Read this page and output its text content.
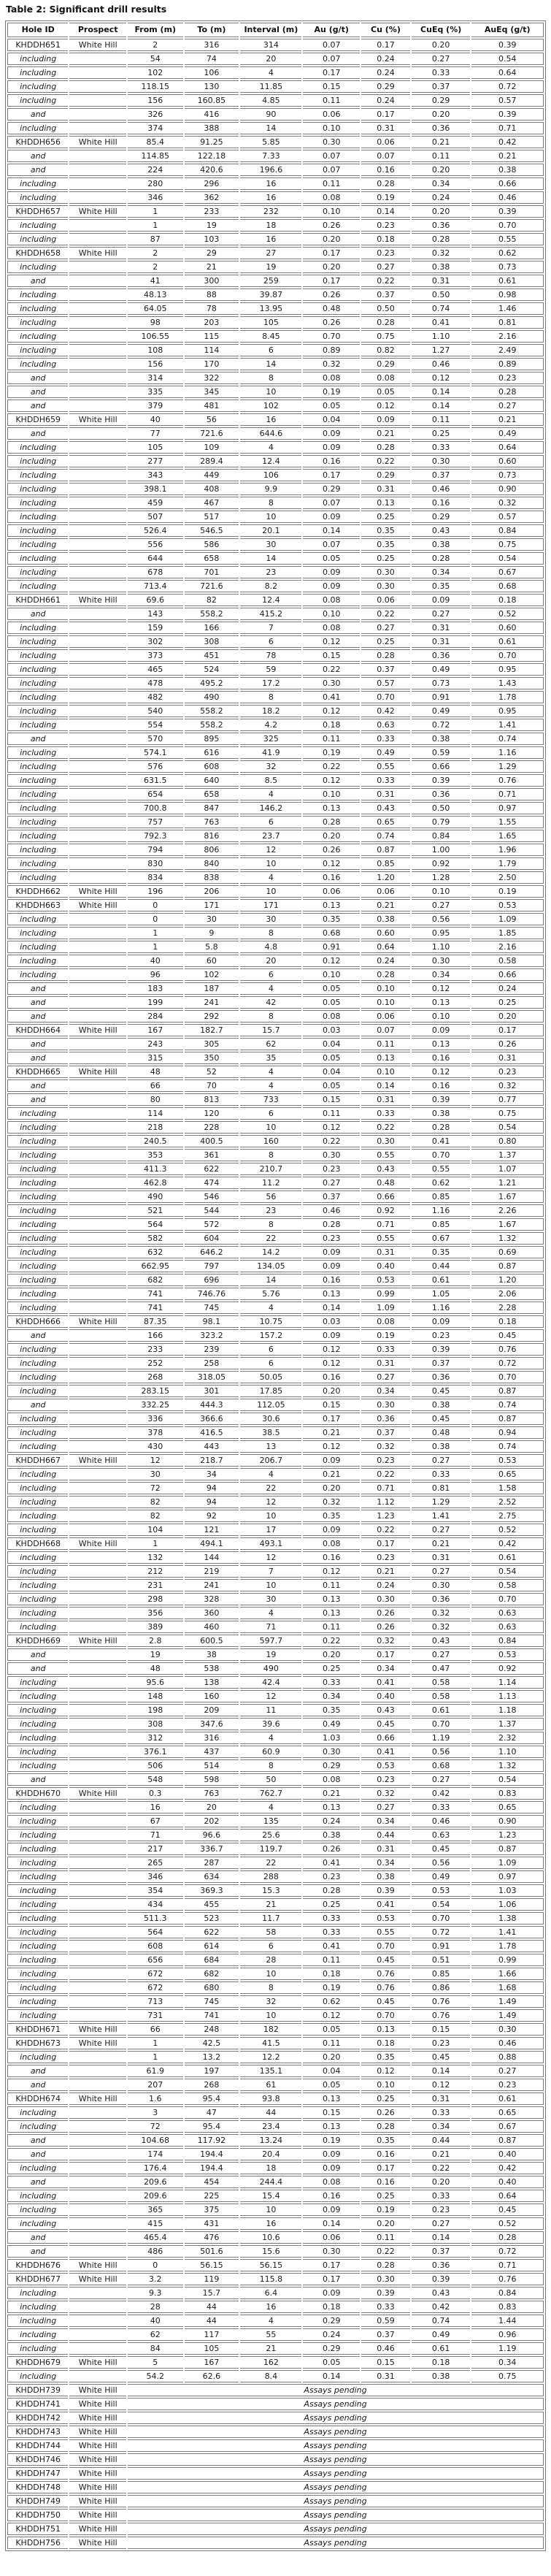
Table 2: Significant drill results
Hole ID	Prospect	From (m)	To (m)	Interval (m)	Au (g/t)	Cu (%)	CuEq (%)	AuEq (g/t)
KHDDH651	White Hill	2	316	314	0.07	0.17	0.20	0.39
including		54	74	20	0.07	0.24	0.27	0.54
including		102	106	4	0.17	0.24	0.33	0.64
including		118.15	130	11.85	0.15	0.29	0.37	0.72
including		156	160.85	4.85	0.11	0.24	0.29	0.57
and		326	416	90	0.06	0.17	0.20	0.39
including		374	388	14	0.10	0.31	0.36	0.71
KHDDH656	White Hill	85.4	91.25	5.85	0.30	0.06	0.21	0.42
and		114.85	122.18	7.33	0.07	0.07	0.11	0.21
and		224	420.6	196.6	0.07	0.16	0.20	0.38
including		280	296	16	0.11	0.28	0.34	0.66
including		346	362	16	0.08	0.19	0.24	0.46
KHDDH657	White Hill	1	233	232	0.10	0.14	0.20	0.39
including		1	19	18	0.26	0.23	0.36	0.70
including		87	103	16	0.20	0.18	0.28	0.55
KHDDH658	White Hill	2	29	27	0.17	0.23	0.32	0.62
including		2	21	19	0.20	0.27	0.38	0.73
and		41	300	259	0.17	0.22	0.31	0.61
including		48.13	88	39.87	0.26	0.37	0.50	0.98
including		64.05	78	13.95	0.48	0.50	0.74	1.46
including		98	203	105	0.26	0.28	0.41	0.81
including		106.55	115	8.45	0.70	0.75	1.10	2.16
including		108	114	6	0.89	0.82	1.27	2.49
including		156	170	14	0.32	0.29	0.46	0.89
and		314	322	8	0.08	0.08	0.12	0.23
and		335	345	10	0.19	0.05	0.14	0.28
and		379	481	102	0.05	0.12	0.14	0.27
KHDDH659	White Hill	40	56	16	0.04	0.09	0.11	0.21
and		77	721.6	644.6	0.09	0.21	0.25	0.49
including		105	109	4	0.09	0.28	0.33	0.64
including		277	289.4	12.4	0.16	0.22	0.30	0.60
including		343	449	106	0.17	0.29	0.37	0.73
including		398.1	408	9.9	0.29	0.31	0.46	0.90
including		459	467	8	0.07	0.13	0.16	0.32
including		507	517	10	0.09	0.25	0.29	0.57
including		526.4	546.5	20.1	0.14	0.35	0.43	0.84
including		556	586	30	0.07	0.35	0.38	0.75
including		644	658	14	0.05	0.25	0.28	0.54
including		678	701	23	0.09	0.30	0.34	0.67
including		713.4	721.6	8.2	0.09	0.30	0.35	0.68
KHDDH661	White Hill	69.6	82	12.4	0.08	0.06	0.09	0.18
and		143	558.2	415.2	0.10	0.22	0.27	0.52
including		159	166	7	0.08	0.27	0.31	0.60
including		302	308	6	0.12	0.25	0.31	0.61
including		373	451	78	0.15	0.28	0.36	0.70
including		465	524	59	0.22	0.37	0.49	0.95
including		478	495.2	17.2	0.30	0.57	0.73	1.43
including		482	490	8	0.41	0.70	0.91	1.78
including		540	558.2	18.2	0.12	0.42	0.49	0.95
including		554	558.2	4.2	0.18	0.63	0.72	1.41
and		570	895	325	0.11	0.33	0.38	0.74
including		574.1	616	41.9	0.19	0.49	0.59	1.16
including		576	608	32	0.22	0.55	0.66	1.29
including		631.5	640	8.5	0.12	0.33	0.39	0.76
including		654	658	4	0.10	0.31	0.36	0.71
including		700.8	847	146.2	0.13	0.43	0.50	0.97
including		757	763	6	0.28	0.65	0.79	1.55
including		792.3	816	23.7	0.20	0.74	0.84	1.65
including		794	806	12	0.26	0.87	1.00	1.96
including		830	840	10	0.12	0.85	0.92	1.79
including		834	838	4	0.16	1.20	1.28	2.50
KHDDH662	White Hill	196	206	10	0.06	0.06	0.10	0.19
KHDDH663	White Hill	0	171	171	0.13	0.21	0.27	0.53
including		0	30	30	0.35	0.38	0.56	1.09
including		1	9	8	0.68	0.60	0.95	1.85
including		1	5.8	4.8	0.91	0.64	1.10	2.16
including		40	60	20	0.12	0.24	0.30	0.58
including		96	102	6	0.10	0.28	0.34	0.66
and		183	187	4	0.05	0.10	0.12	0.24
and		199	241	42	0.05	0.10	0.13	0.25
and		284	292	8	0.08	0.06	0.10	0.20
KHDDH664	White Hill	167	182.7	15.7	0.03	0.07	0.09	0.17
and		243	305	62	0.04	0.11	0.13	0.26
and		315	350	35	0.05	0.13	0.16	0.31
KHDDH665	White Hill	48	52	4	0.04	0.10	0.12	0.23
and		66	70	4	0.05	0.14	0.16	0.32
and		80	813	733	0.15	0.31	0.39	0.77
including		114	120	6	0.11	0.33	0.38	0.75
including		218	228	10	0.12	0.22	0.28	0.54
including		240.5	400.5	160	0.22	0.30	0.41	0.80
including		353	361	8	0.30	0.55	0.70	1.37
including		411.3	622	210.7	0.23	0.43	0.55	1.07
including		462.8	474	11.2	0.27	0.48	0.62	1.21
including		490	546	56	0.37	0.66	0.85	1.67
including		521	544	23	0.46	0.92	1.16	2.26
including		564	572	8	0.28	0.71	0.85	1.67
including		582	604	22	0.23	0.55	0.67	1.32
including		632	646.2	14.2	0.09	0.31	0.35	0.69
including		662.95	797	134.05	0.09	0.40	0.44	0.87
including		682	696	14	0.16	0.53	0.61	1.20
including		741	746.76	5.76	0.13	0.99	1.05	2.06
including		741	745	4	0.14	1.09	1.16	2.28
KHDDH666	White Hill	87.35	98.1	10.75	0.03	0.08	0.09	0.18
and		166	323.2	157.2	0.09	0.19	0.23	0.45
including		233	239	6	0.12	0.33	0.39	0.76
including		252	258	6	0.12	0.31	0.37	0.72
including		268	318.05	50.05	0.16	0.27	0.36	0.70
including		283.15	301	17.85	0.20	0.34	0.45	0.87
and		332.25	444.3	112.05	0.15	0.30	0.38	0.74
including		336	366.6	30.6	0.17	0.36	0.45	0.87
including		378	416.5	38.5	0.21	0.37	0.48	0.94
including		430	443	13	0.12	0.32	0.38	0.74
KHDDH667	White Hill	12	218.7	206.7	0.09	0.23	0.27	0.53
including		30	34	4	0.21	0.22	0.33	0.65
including		72	94	22	0.20	0.71	0.81	1.58
including		82	94	12	0.32	1.12	1.29	2.52
including		82	92	10	0.35	1.23	1.41	2.75
including		104	121	17	0.09	0.22	0.27	0.52
KHDDH668	White Hill	1	494.1	493.1	0.08	0.17	0.21	0.42
including		132	144	12	0.16	0.23	0.31	0.61
including		212	219	7	0.12	0.21	0.27	0.54
including		231	241	10	0.11	0.24	0.30	0.58
including		298	328	30	0.13	0.30	0.36	0.70
including		356	360	4	0.13	0.26	0.32	0.63
including		389	460	71	0.11	0.26	0.32	0.63
KHDDH669	White Hill	2.8	600.5	597.7	0.22	0.32	0.43	0.84
and		19	38	19	0.20	0.17	0.27	0.53
and		48	538	490	0.25	0.34	0.47	0.92
including		95.6	138	42.4	0.33	0.41	0.58	1.14
including		148	160	12	0.34	0.40	0.58	1.13
including		198	209	11	0.35	0.43	0.61	1.18
including		308	347.6	39.6	0.49	0.45	0.70	1.37
including		312	316	4	1.03	0.66	1.19	2.32
including		376.1	437	60.9	0.30	0.41	0.56	1.10
including		506	514	8	0.29	0.53	0.68	1.32
and		548	598	50	0.08	0.23	0.27	0.54
KHDDH670	White Hill	0.3	763	762.7	0.21	0.32	0.42	0.83
including		16	20	4	0.13	0.27	0.33	0.65
including		67	202	135	0.24	0.34	0.46	0.90
including		71	96.6	25.6	0.38	0.44	0.63	1.23
including		217	336.7	119.7	0.26	0.31	0.45	0.87
including		265	287	22	0.41	0.34	0.56	1.09
including		346	634	288	0.23	0.38	0.49	0.97
including		354	369.3	15.3	0.28	0.39	0.53	1.03
including		434	455	21	0.25	0.41	0.54	1.06
including		511.3	523	11.7	0.33	0.53	0.70	1.38
including		564	622	58	0.33	0.55	0.72	1.41
including		608	614	6	0.41	0.70	0.91	1.78
including		656	684	28	0.11	0.45	0.51	0.99
including		672	682	10	0.18	0.76	0.85	1.66
including		672	680	8	0.19	0.76	0.86	1.68
including		713	745	32	0.62	0.45	0.76	1.49
including		731	741	10	0.12	0.70	0.76	1.49
KHDDH671	White Hill	66	248	182	0.05	0.13	0.15	0.30
KHDDH673	White Hill	1	42.5	41.5	0.11	0.18	0.23	0.46
including		1	13.2	12.2	0.20	0.35	0.45	0.88
and		61.9	197	135.1	0.04	0.12	0.14	0.27
and		207	268	61	0.05	0.10	0.12	0.23
KHDDH674	White Hill	1.6	95.4	93.8	0.13	0.25	0.31	0.61
including		3	47	44	0.15	0.26	0.33	0.65
including		72	95.4	23.4	0.13	0.28	0.34	0.67
and		104.68	117.92	13.24	0.19	0.35	0.44	0.87
and		174	194.4	20.4	0.09	0.16	0.21	0.40
including		176.4	194.4	18	0.09	0.17	0.22	0.42
and		209.6	454	244.4	0.08	0.16	0.20	0.40
including		209.6	225	15.4	0.16	0.25	0.33	0.64
including		365	375	10	0.09	0.19	0.23	0.45
including		415	431	16	0.14	0.20	0.27	0.52
and		465.4	476	10.6	0.06	0.11	0.14	0.28
and		486	501.6	15.6	0.30	0.22	0.37	0.72
KHDDH676	White Hill	0	56.15	56.15	0.17	0.28	0.36	0.71
KHDDH677	White Hill	3.2	119	115.8	0.17	0.30	0.39	0.76
including		9.3	15.7	6.4	0.09	0.39	0.43	0.84
including		28	44	16	0.18	0.33	0.42	0.83
including		40	44	4	0.29	0.59	0.74	1.44
including		62	117	55	0.24	0.37	0.49	0.96
including		84	105	21	0.29	0.46	0.61	1.19
KHDDH679	White Hill	5	167	162	0.05	0.15	0.18	0.34
including		54.2	62.6	8.4	0.14	0.31	0.38	0.75
KHDDH739	White Hill	Assays pending						
KHDDH741	White Hill	Assays pending						
KHDDH742	White Hill	Assays pending						
KHDDH743	White Hill	Assays pending						
KHDDH744	White Hill	Assays pending						
KHDDH746	White Hill	Assays pending						
KHDDH747	White Hill	Assays pending						
KHDDH748	White Hill	Assays pending						
KHDDH749	White Hill	Assays pending						
KHDDH750	White Hill	Assays pending						
KHDDH751	White Hill	Assays pending						
KHDDH756	White Hill	Assays pending						
